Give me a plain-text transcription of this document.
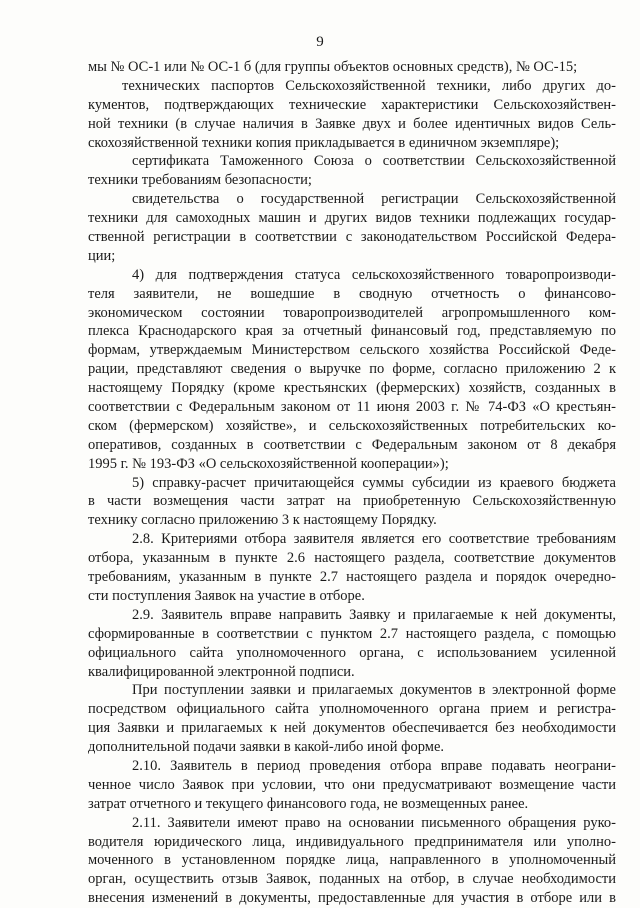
9
мы № ОС-1 или № ОС-1 б (для группы объектов основных средств), № ОС-15;
технических паспортов Сельскохозяйственной техники, либо других до-
кументов, подтверждающих технические характеристики Сельскохозяйствен-
ной техники (в случае наличия в Заявке двух и более идентичных видов Сель-
скохозяйственной техники копия прикладывается в единичном экземпляре);
сертификата Таможенного Союза о соответствии Сельскохозяйственной
техники требованиям безопасности;
свидетельства о государственной регистрации Сельскохозяйственной
техники для самоходных машин и других видов техники подлежащих государ-
ственной регистрации в соответствии с законодательством Российской Федера-
ции;
4) для подтверждения статуса сельскохозяйственного товаропроизводи-
теля заявители, не вошедшие в сводную отчетность о финансово-
экономическом состоянии товаропроизводителей агропромышленного ком-
плекса Краснодарского края за отчетный финансовый год, представляемую по
формам, утверждаемым Министерством сельского хозяйства Российской Феде-
рации, представляют сведения о выручке по форме, согласно приложению 2 к
настоящему Порядку (кроме крестьянских (фермерских) хозяйств, созданных в
соответствии с Федеральным законом от 11 июня 2003 г. № 74-ФЗ «О крестьян-
ском (фермерском) хозяйстве», и сельскохозяйственных потребительских ко-
оперативов, созданных в соответствии с Федеральным законом от 8 декабря
1995 г. № 193-ФЗ «О сельскохозяйственной кооперации»);
5) справку-расчет причитающейся суммы субсидии из краевого бюджета
в части возмещения части затрат на приобретенную Сельскохозяйственную
технику согласно приложению 3 к настоящему Порядку.
2.8. Критериями отбора заявителя является его соответствие требованиям
отбора, указанным в пункте 2.6 настоящего раздела, соответствие документов
требованиям, указанным в пункте 2.7 настоящего раздела и порядок очередно-
сти поступления Заявок на участие в отборе.
2.9. Заявитель вправе направить Заявку и прилагаемые к ней документы,
сформированные в соответствии с пунктом 2.7 настоящего раздела, с помощью
официального сайта уполномоченного органа, с использованием усиленной
квалифицированной электронной подписи.
При поступлении заявки и прилагаемых документов в электронной форме
посредством официального сайта уполномоченного органа прием и регистра-
ция Заявки и прилагаемых к ней документов обеспечивается без необходимости
дополнительной подачи заявки в какой-либо иной форме.
2.10. Заявитель в период проведения отбора вправе подавать неограни-
ченное число Заявок при условии, что они предусматривают возмещение части
затрат отчетного и текущего финансового года, не возмещенных ранее.
2.11. Заявители имеют право на основании письменного обращения руко-
водителя юридического лица, индивидуального предпринимателя или уполно-
моченного в установленном порядке лица, направленного в уполномоченный
орган, осуществить отзыв Заявок, поданных на отбор, в случае необходимости
внесения изменений в документы, предоставленные для участия в отборе или в
